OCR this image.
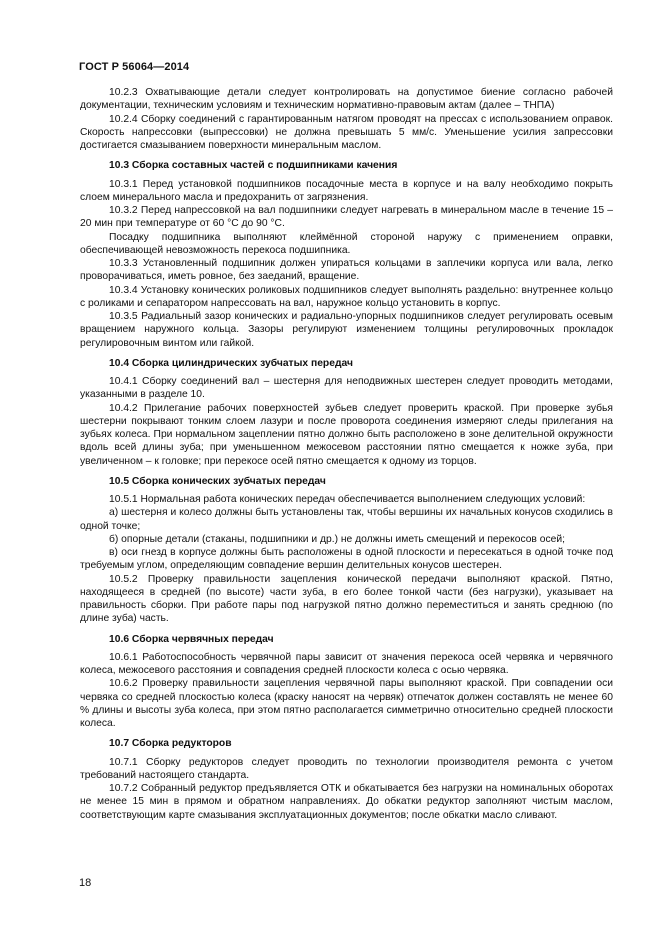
ГОСТ Р 56064—2014

10.2.3 Охватывающие детали следует контролировать на допустимое биение согласно рабочей документации, техническим условиям и техническим нормативно-правовым актам (далее – ТНПА)

10.2.4 Сборку соединений с гарантированным натягом проводят на прессах с использованием оправок. Скорость напрессовки (выпрессовки) не должна превышать 5 мм/с. Уменьшение усилия запрессовки достигается смазыванием поверхности минеральным маслом.

10.3 Сборка составных частей с подшипниками качения

10.3.1 Перед установкой подшипников посадочные места в корпусе и на валу необходимо покрыть слоем минерального масла и предохранить от загрязнения.

10.3.2 Перед напрессовкой на вал подшипники следует нагревать в минеральном масле в течение 15 – 20 мин при температуре от 60 °С до 90 °С.

Посадку подшипника выполняют клеймённой стороной наружу с применением оправки, обеспечивающей невозможность перекоса подшипника.

10.3.3 Установленный подшипник должен упираться кольцами в заплечики корпуса или вала, легко проворачиваться, иметь ровное, без заеданий, вращение.

10.3.4 Установку конических роликовых подшипников следует выполнять раздельно: внутреннее кольцо с роликами и сепаратором напрессовать на вал, наружное кольцо установить в корпус.

10.3.5 Радиальный зазор конических и радиально-упорных подшипников следует регулировать осевым вращением наружного кольца. Зазоры регулируют изменением толщины регулировочных прокладок регулировочным винтом или гайкой.

10.4 Сборка цилиндрических зубчатых передач

10.4.1 Сборку соединений вал – шестерня для неподвижных шестерен следует проводить методами, указанными в разделе 10.

10.4.2 Прилегание рабочих поверхностей зубьев следует проверить краской. При проверке зубья шестерни покрывают тонким слоем лазури и после проворота соединения измеряют следы прилегания на зубьях колеса. При нормальном зацеплении пятно должно быть расположено в зоне делительной окружности вдоль всей длины зуба; при уменьшенном межосевом расстоянии пятно смещается к ножке зуба, при увеличенном – к головке; при перекосе осей пятно смещается к одному из торцов.

10.5 Сборка конических зубчатых передач

10.5.1 Нормальная работа конических передач обеспечивается выполнением следующих условий:

а) шестерня и колесо должны быть установлены так, чтобы вершины их начальных конусов сходились в одной точке;

б) опорные детали (стаканы, подшипники и др.) не должны иметь смещений и перекосов осей;

в) оси гнезд в корпусе должны быть расположены в одной плоскости и пересекаться в одной точке под требуемым углом, определяющим совпадение вершин делительных конусов шестерен.

10.5.2 Проверку правильности зацепления конической передачи выполняют краской. Пятно, находящееся в средней (по высоте) части зуба, в его более тонкой части (без нагрузки), указывает на правильность сборки. При работе пары под нагрузкой пятно должно переместиться и занять среднюю (по длине зуба) часть.

10.6 Сборка червячных передач

10.6.1 Работоспособность червячной пары зависит от значения перекоса осей червяка и червячного колеса, межосевого расстояния и совпадения средней плоскости колеса с осью червяка.

10.6.2 Проверку правильности зацепления червячной пары выполняют краской. При совпадении оси червяка со средней плоскостью колеса (краску наносят на червяк) отпечаток должен составлять не менее 60 % длины и высоты зуба колеса, при этом пятно располагается симметрично относительно средней плоскости колеса.

10.7 Сборка редукторов

10.7.1 Сборку редукторов следует проводить по технологии производителя ремонта с учетом требований настоящего стандарта.

10.7.2 Собранный редуктор предъявляется ОТК и обкатывается без нагрузки на номинальных оборотах не менее 15 мин в прямом и обратном направлениях. До обкатки редуктор заполняют чистым маслом, соответствующим карте смазывания эксплуатационных документов; после обкатки масло сливают.

18
